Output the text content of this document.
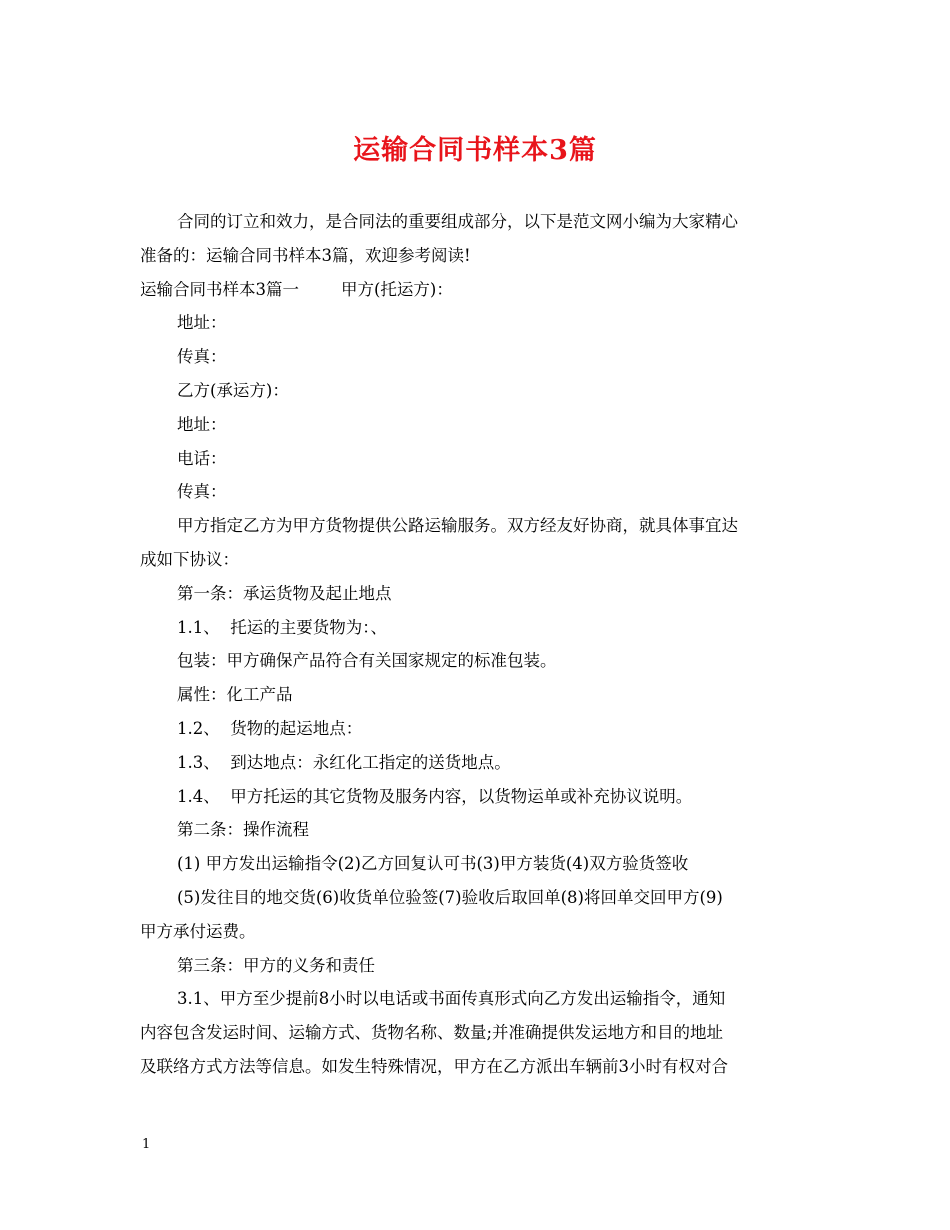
运输合同书样本3篇

合同的订立和效力，是合同法的重要组成部分，以下是范文网小编为大家精心

准备的：运输合同书样本3篇，欢迎参考阅读!

运输合同书样本3篇一	甲方(托运方)：

地址：

传真：

乙方(承运方)：

地址：

电话：

传真：

甲方指定乙方为甲方货物提供公路运输服务。双方经友好协商，就具体事宜达

成如下协议：

第一条：承运货物及起止地点

1.1、  托运的主要货物为：、

包装：甲方确保产品符合有关国家规定的标准包装。

属性：化工产品

1.2、  货物的起运地点：

1.3、  到达地点：永红化工指定的送货地点。

1.4、  甲方托运的其它货物及服务内容，以货物运单或补充协议说明。

第二条：操作流程

(1) 甲方发出运输指令(2)乙方回复认可书(3)甲方装货(4)双方验货签收

(5)发往目的地交货(6)收货单位验签(7)验收后取回单(8)将回单交回甲方(9)

甲方承付运费。

第三条：甲方的义务和责任

3.1、甲方至少提前8小时以电话或书面传真形式向乙方发出运输指令，通知

内容包含发运时间、运输方式、货物名称、数量;并准确提供发运地方和目的地址

及联络方式方法等信息。如发生特殊情况，甲方在乙方派出车辆前3小时有权对合

1
